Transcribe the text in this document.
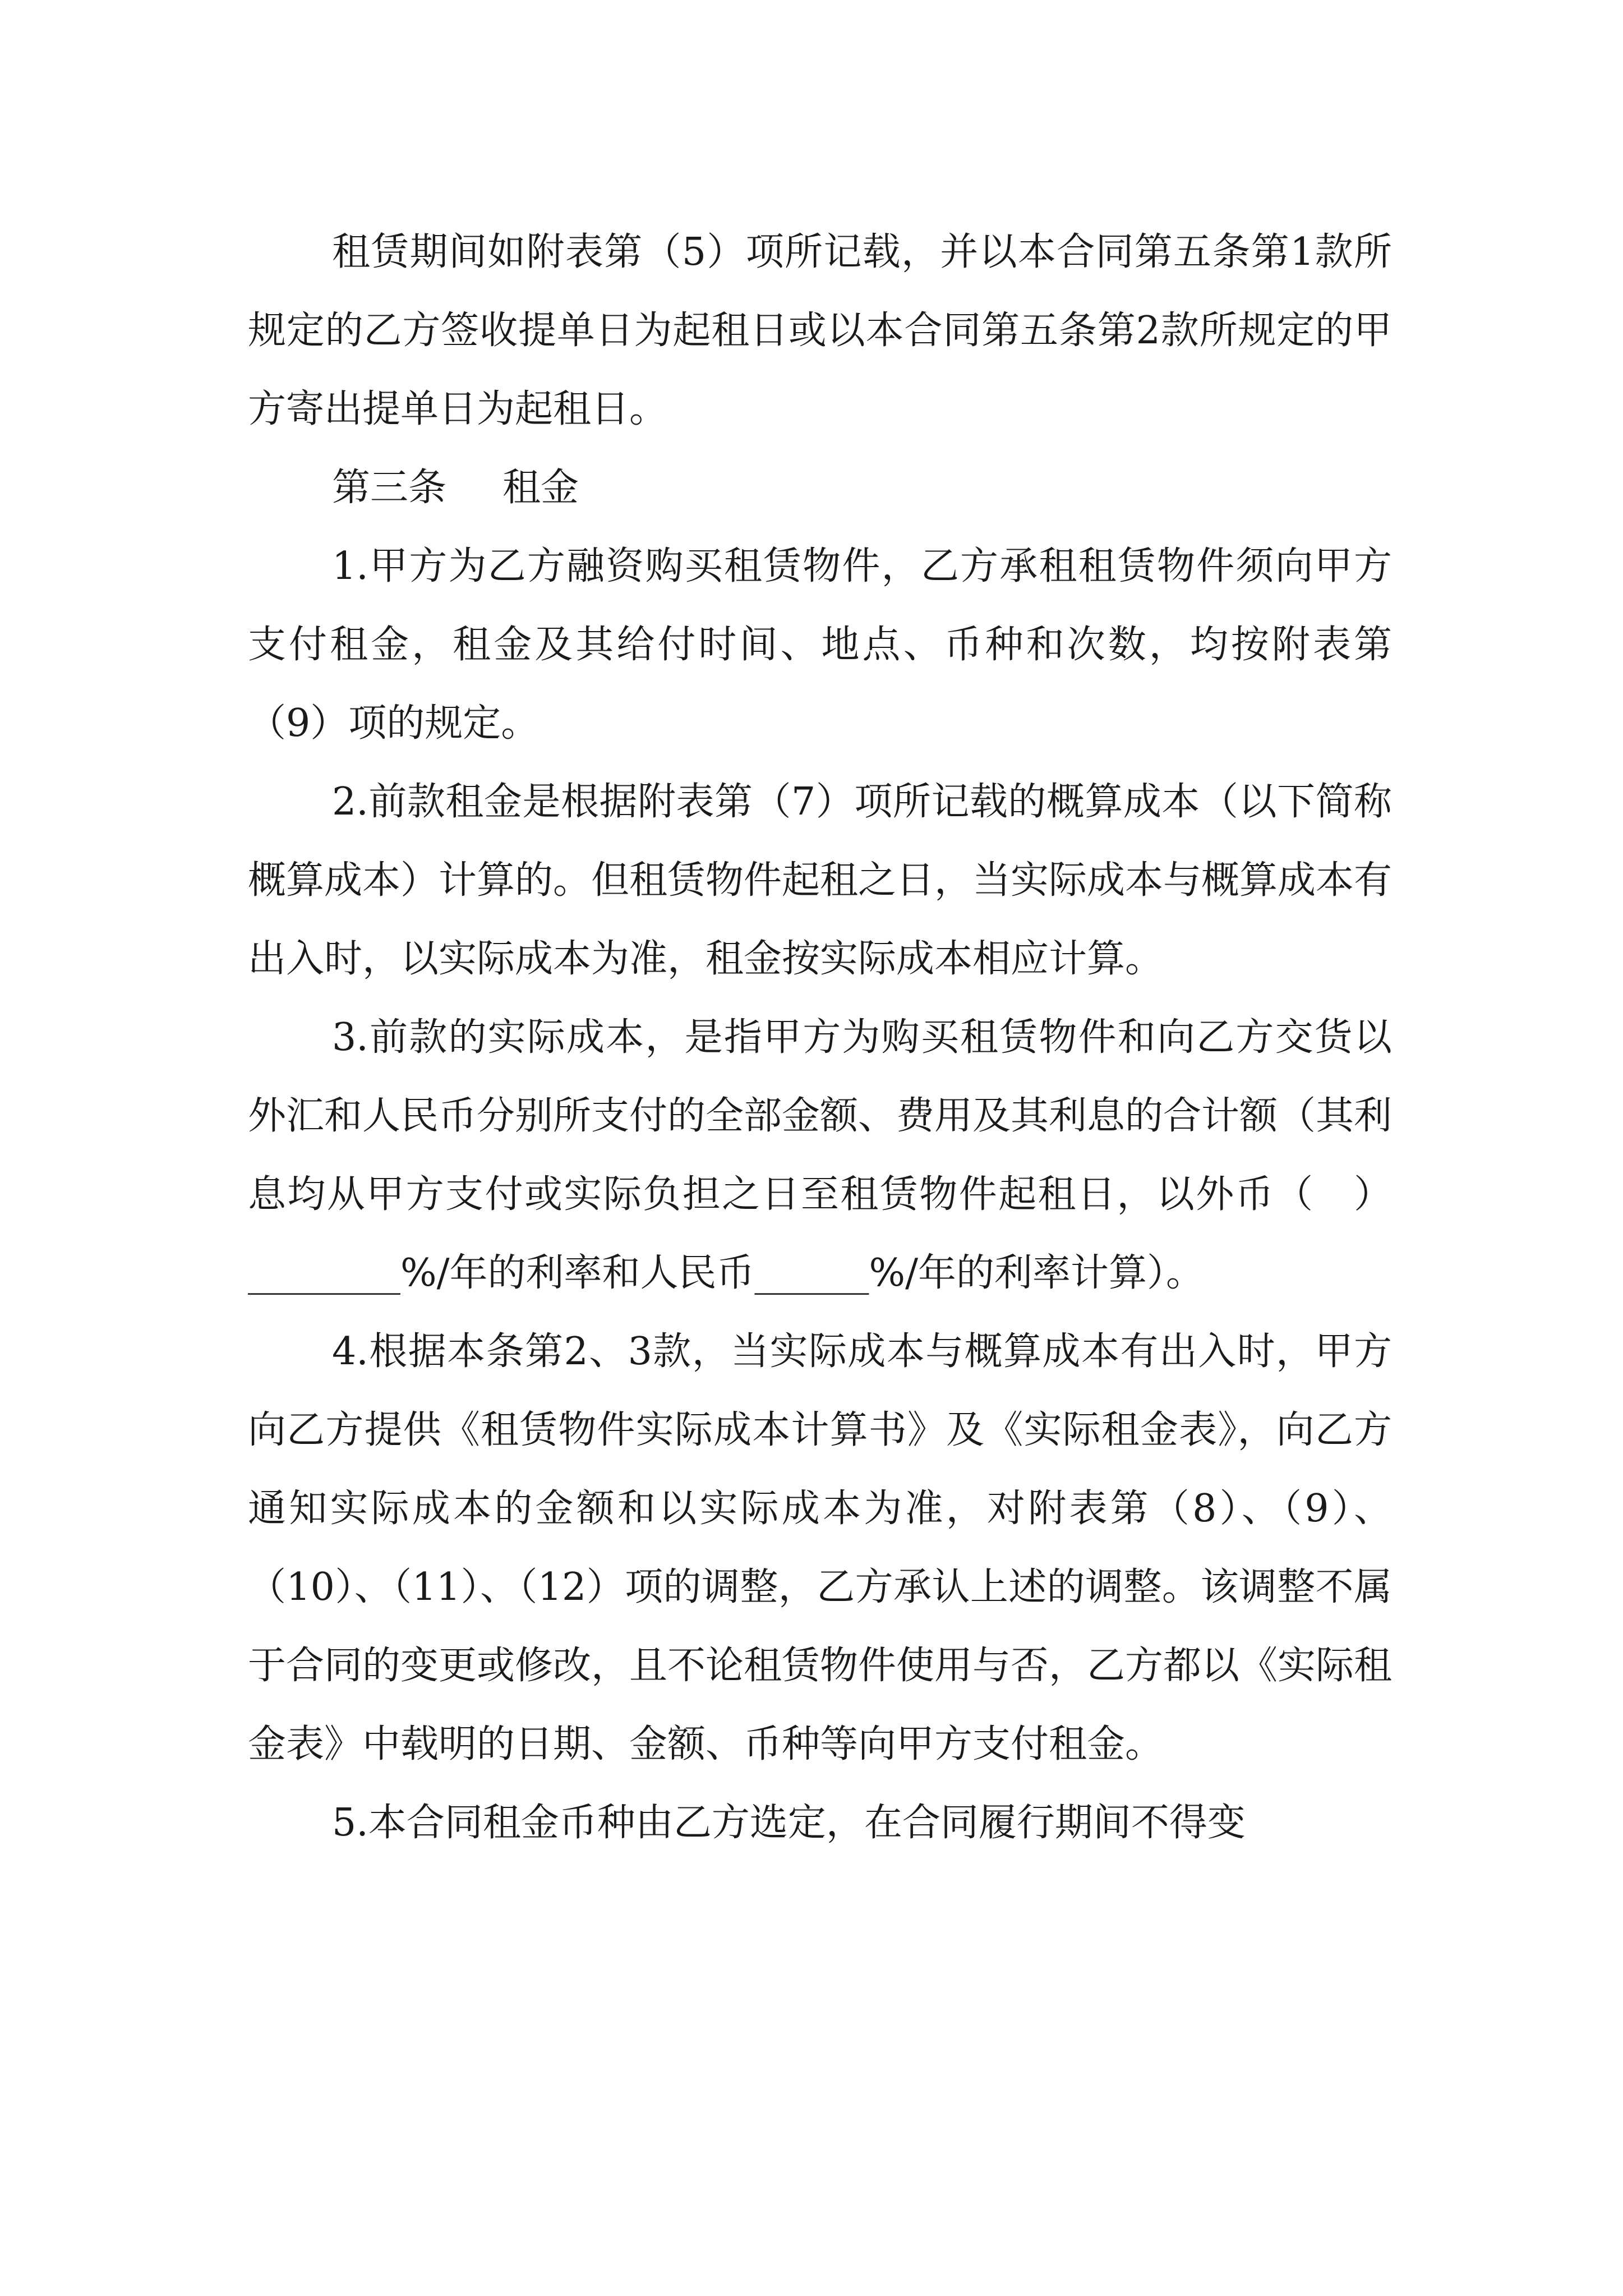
租赁期间如附表第（5）项所记载，并以本合同第五条第1款所规定的乙方签收提单日为起租日或以本合同第五条第2款所规定的甲方寄出提单日为起租日。

第三条 租金

1.甲方为乙方融资购买租赁物件，乙方承租租赁物件须向甲方支付租金，租金及其给付时间、地点、币种和次数，均按附表第（9）项的规定。

2.前款租金是根据附表第（7）项所记载的概算成本（以下简称概算成本）计算的。但租赁物件起租之日，当实际成本与概算成本有出入时，以实际成本为准，租金按实际成本相应计算。

3.前款的实际成本，是指甲方为购买租赁物件和向乙方交货以外汇和人民币分别所支付的全部金额、费用及其利息的合计额（其利息均从甲方支付或实际负担之日至租赁物件起租日，以外币（　）________%/年的利率和人民币______%/年的利率计算）。

4.根据本条第2、3款，当实际成本与概算成本有出入时，甲方向乙方提供《租赁物件实际成本计算书》及《实际租金表》，向乙方通知实际成本的金额和以实际成本为准，对附表第（8）、（9）、（10）、（11）、（12）项的调整，乙方承认上述的调整。该调整不属于合同的变更或修改，且不论租赁物件使用与否，乙方都以《实际租金表》中载明的日期、金额、币种等向甲方支付租金。

5.本合同租金币种由乙方选定，在合同履行期间不得变
